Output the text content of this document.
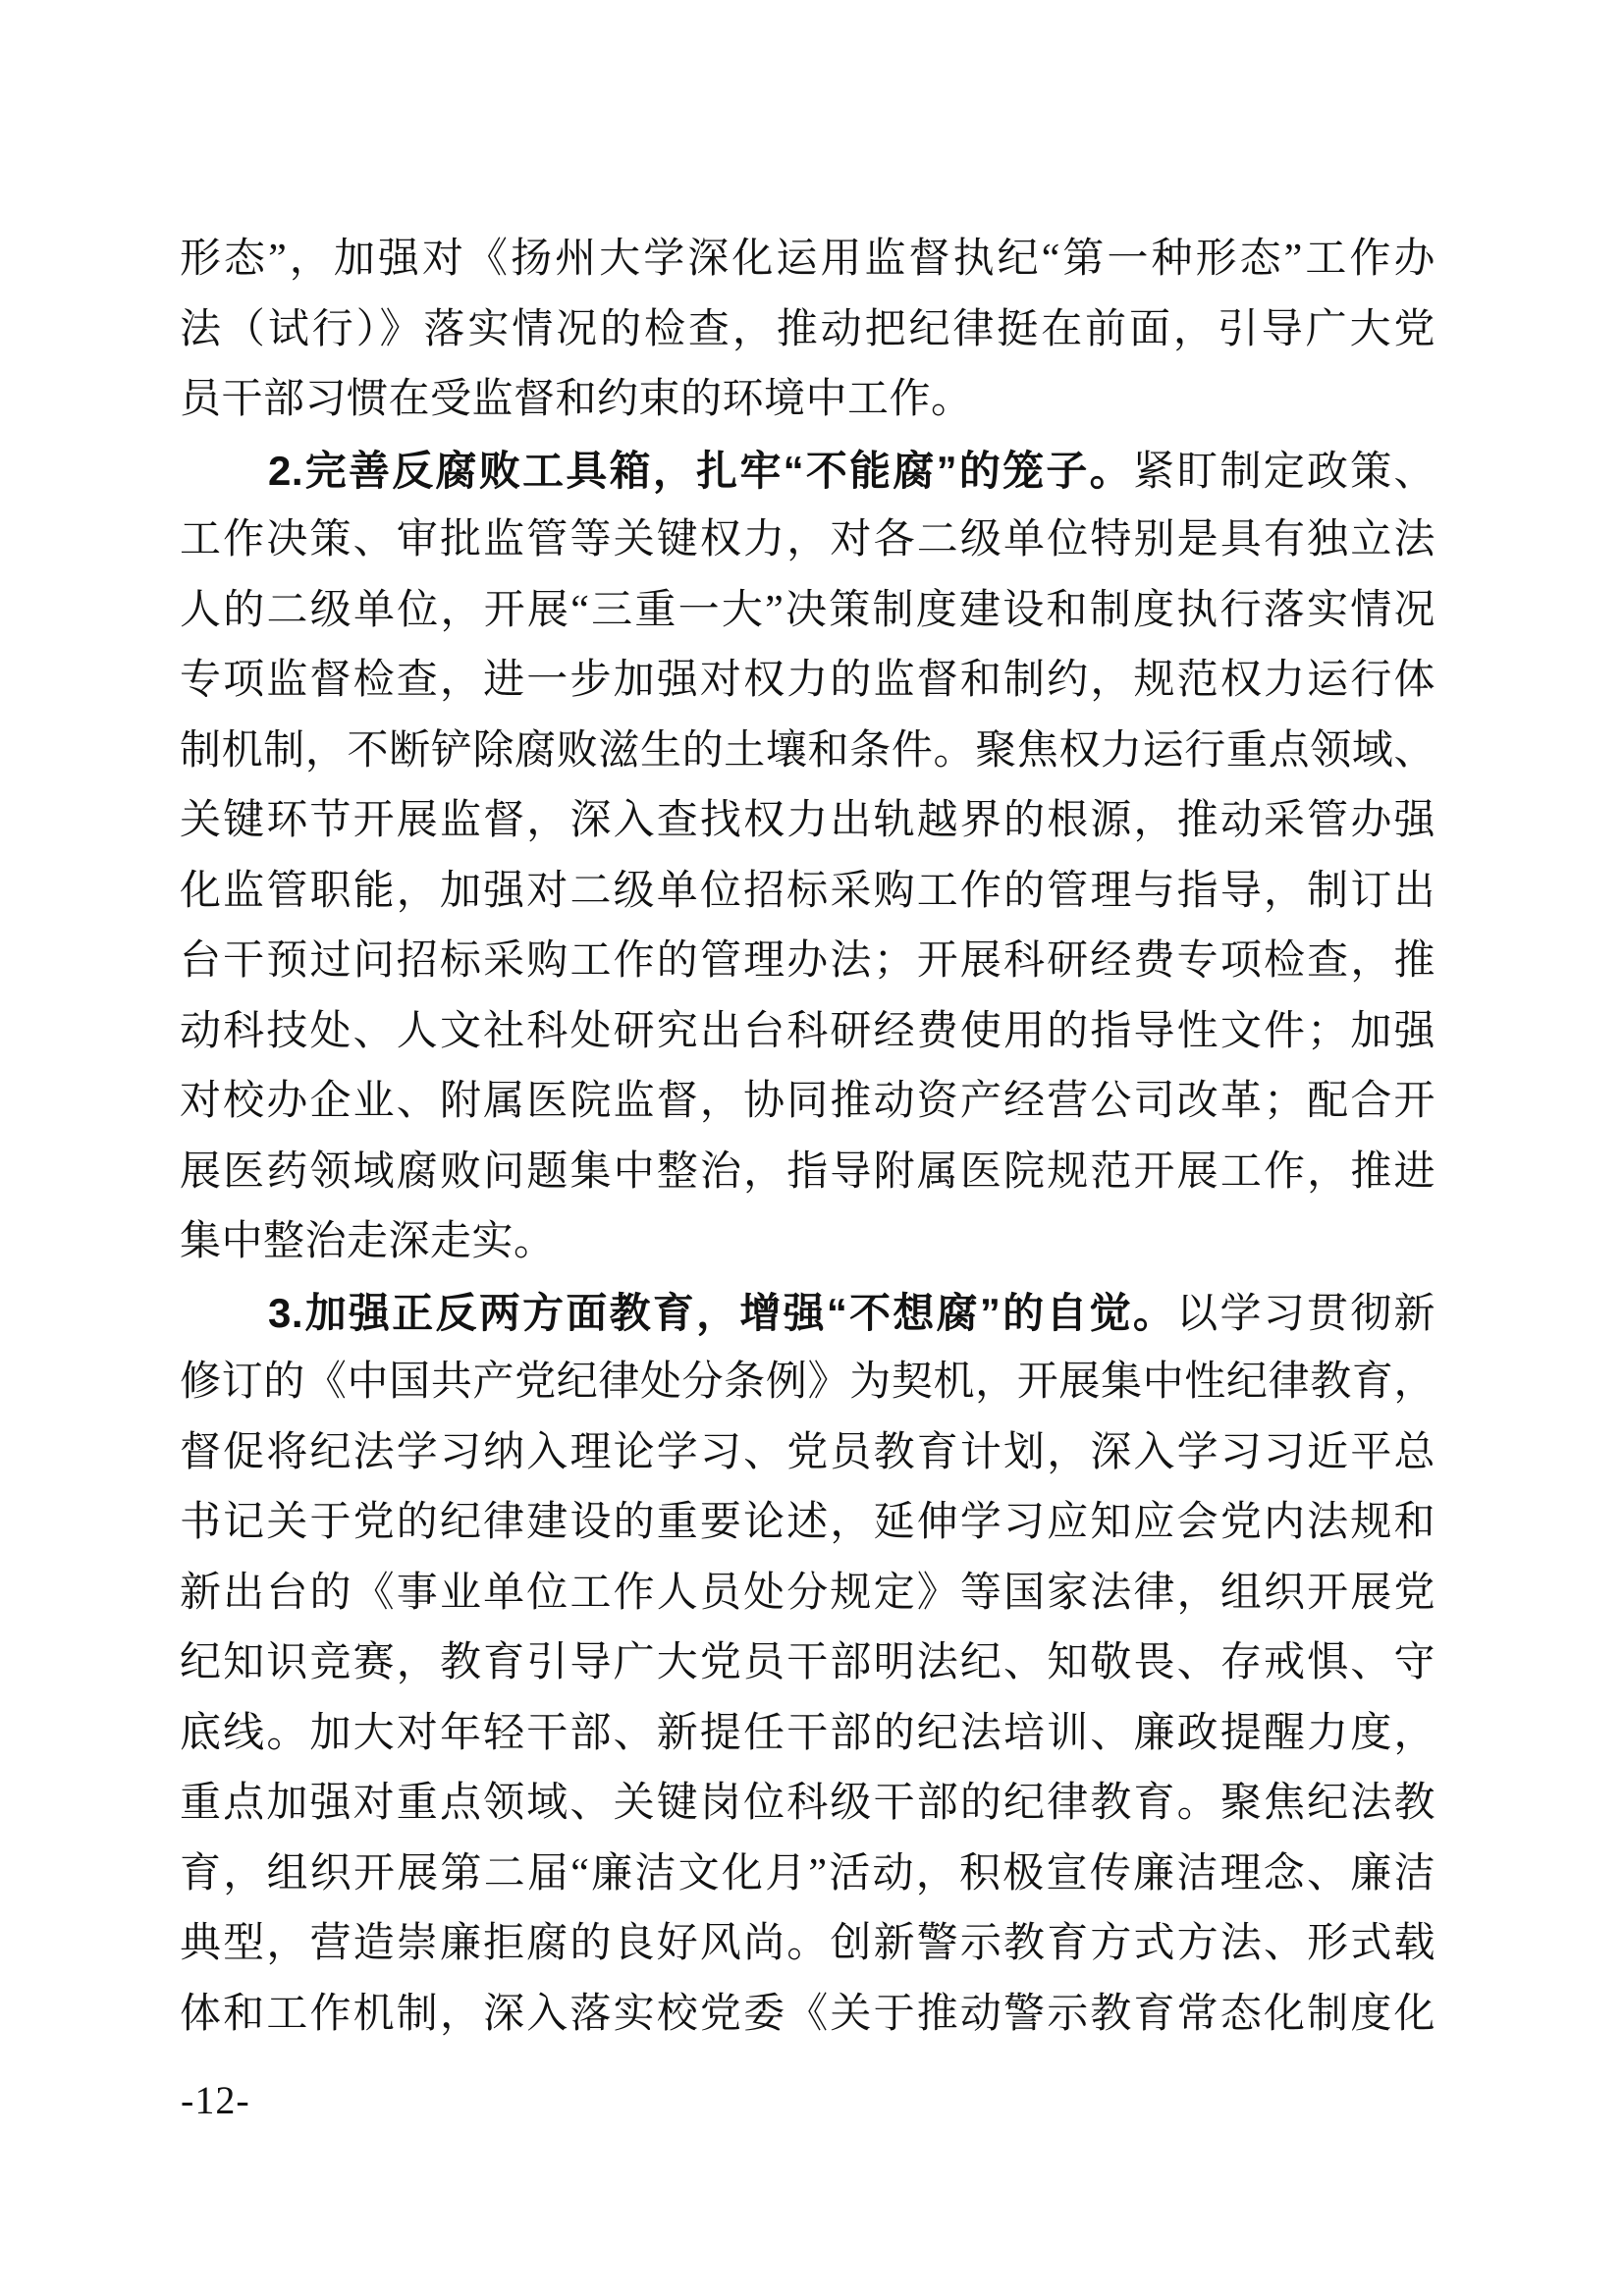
形态”，加强对《扬州大学深化运用监督执纪“第一种形态”工作办
法（试行）》落实情况的检查，推动把纪律挺在前面，引导广大党
员干部习惯在受监督和约束的环境中工作。
2.完善反腐败工具箱，扎牢“不能腐”的笼子。紧盯制定政策、
工作决策、审批监管等关键权力，对各二级单位特别是具有独立法
人的二级单位，开展“三重一大”决策制度建设和制度执行落实情况
专项监督检查，进一步加强对权力的监督和制约，规范权力运行体
制机制，不断铲除腐败滋生的土壤和条件。聚焦权力运行重点领域、
关键环节开展监督，深入查找权力出轨越界的根源，推动采管办强
化监管职能，加强对二级单位招标采购工作的管理与指导，制订出
台干预过问招标采购工作的管理办法；开展科研经费专项检查，推
动科技处、人文社科处研究出台科研经费使用的指导性文件；加强
对校办企业、附属医院监督，协同推动资产经营公司改革；配合开
展医药领域腐败问题集中整治，指导附属医院规范开展工作，推进
集中整治走深走实。
3.加强正反两方面教育，增强“不想腐”的自觉。以学习贯彻新
修订的《中国共产党纪律处分条例》为契机，开展集中性纪律教育，
督促将纪法学习纳入理论学习、党员教育计划，深入学习习近平总
书记关于党的纪律建设的重要论述，延伸学习应知应会党内法规和
新出台的《事业单位工作人员处分规定》等国家法律，组织开展党
纪知识竞赛，教育引导广大党员干部明法纪、知敬畏、存戒惧、守
底线。加大对年轻干部、新提任干部的纪法培训、廉政提醒力度，
重点加强对重点领域、关键岗位科级干部的纪律教育。聚焦纪法教
育，组织开展第二届“廉洁文化月”活动，积极宣传廉洁理念、廉洁
典型，营造崇廉拒腐的良好风尚。创新警示教育方式方法、形式载
体和工作机制，深入落实校党委《关于推动警示教育常态化制度化
-12-
